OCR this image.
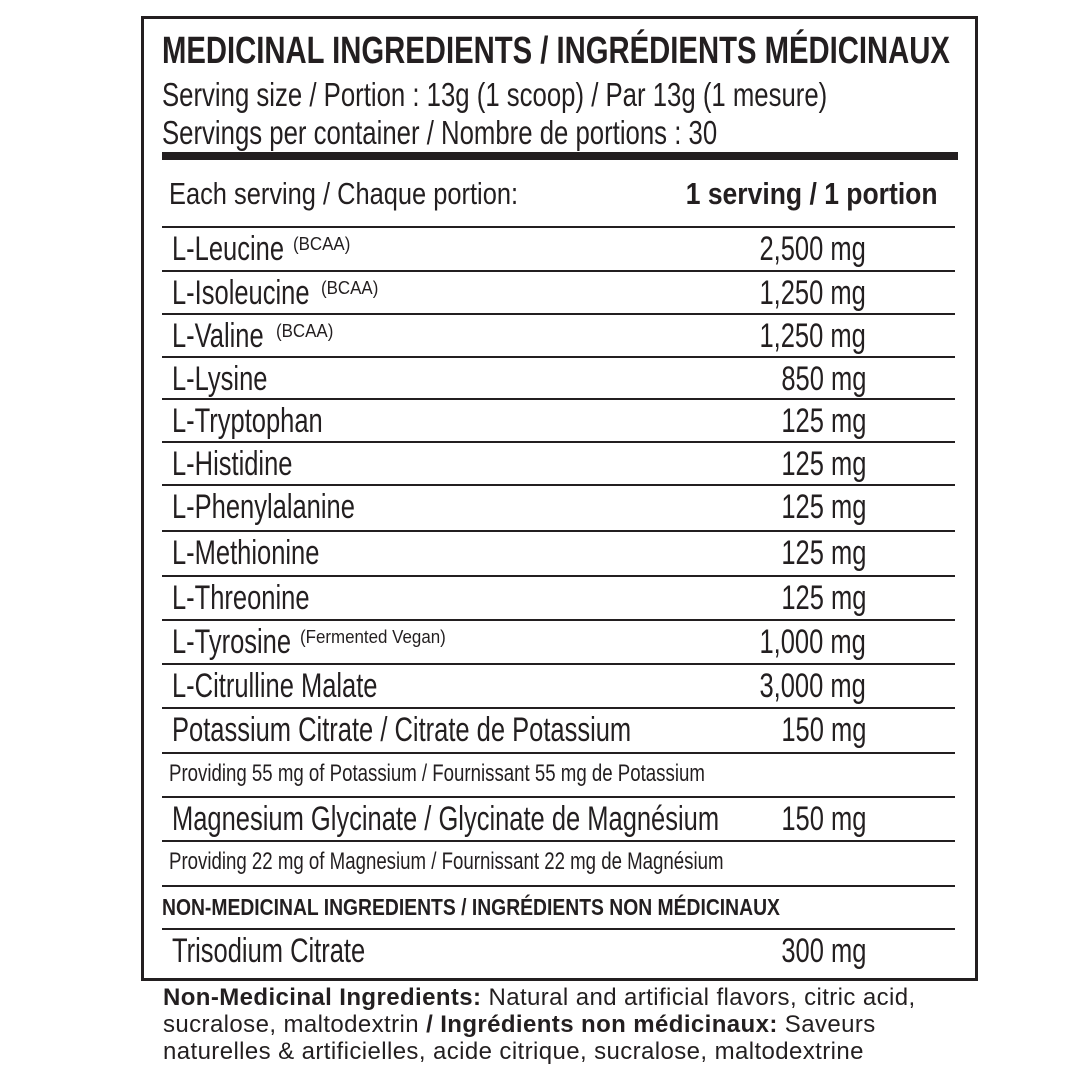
MEDICINAL INGREDIENTS / INGRÉDIENTS MÉDICINAUX
Serving size / Portion : 13g (1 scoop) / Par 13g (1 mesure)
Servings per container / Nombre de portions : 30
Each serving / Chaque portion:	1 serving / 1 portion
L-Leucine (BCAA)	2,500 mg
L-Isoleucine (BCAA)	1,250 mg
L-Valine (BCAA)	1,250 mg
L-Lysine	850 mg
L-Tryptophan	125 mg
L-Histidine	125 mg
L-Phenylalanine	125 mg
L-Methionine	125 mg
L-Threonine	125 mg
L-Tyrosine (Fermented Vegan)	1,000 mg
L-Citrulline Malate	3,000 mg
Potassium Citrate / Citrate de Potassium	150 mg
Providing 55 mg of Potassium / Fournissant 55 mg de Potassium
Magnesium Glycinate / Glycinate de Magnésium 150 mg
Providing 22 mg of Magnesium / Fournissant 22 mg de Magnésium
NON-MEDICINAL INGREDIENTS / INGRÉDIENTS NON MÉDICINAUX
Trisodium Citrate	300 mg

Non-Medicinal Ingredients: Natural and artificial flavors, citric acid, sucralose, maltodextrin / Ingrédients non médicinaux: Saveurs naturelles & artificielles, acide citrique, sucralose, maltodextrine
